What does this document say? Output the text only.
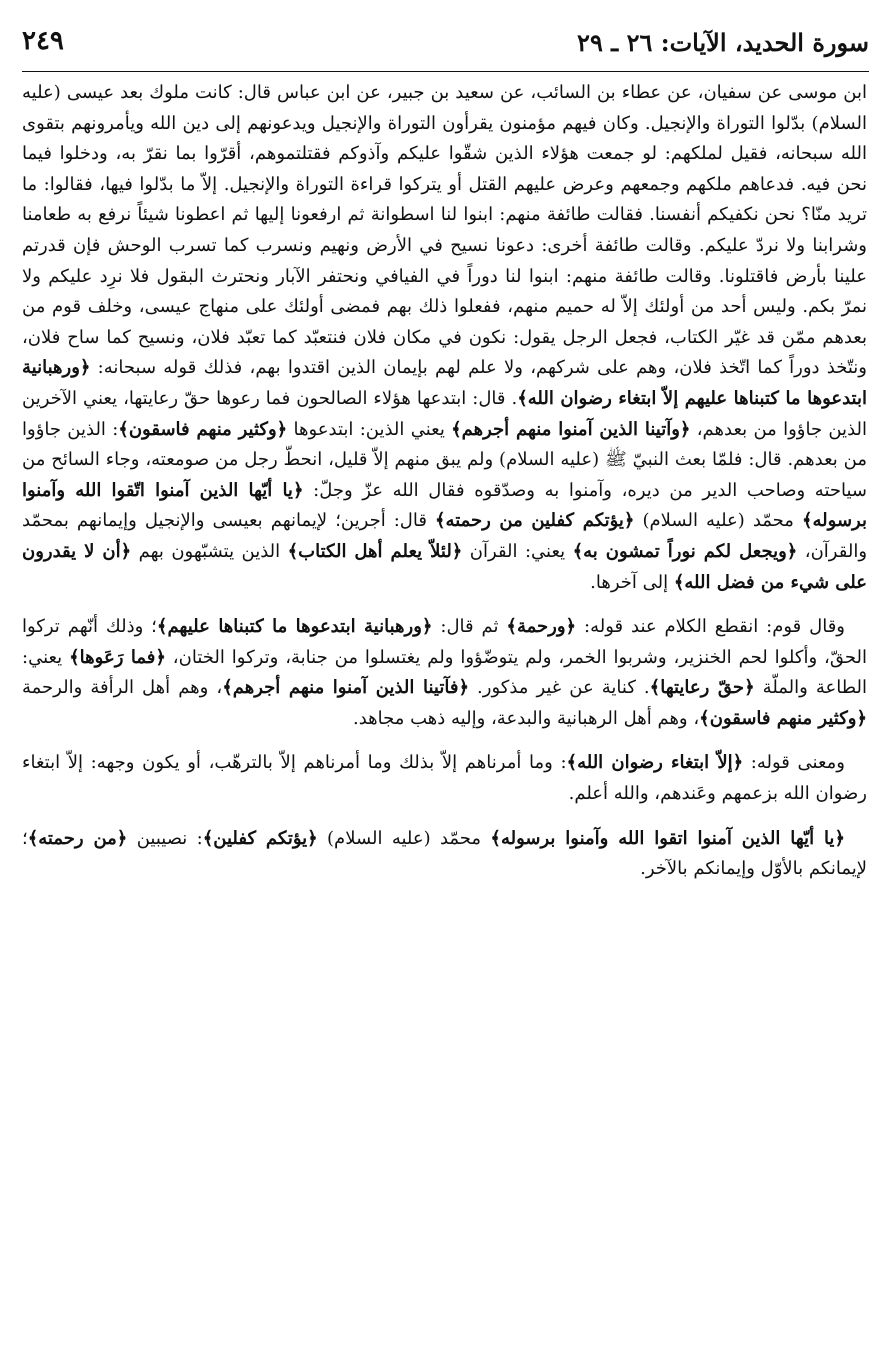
سورة الحديد، الآيات: ٢٦ ـ ٢٩
٢٤٩

ابن موسى عن سفيان، عن عطاء بن السائب، عن سعيد بن جبير، عن ابن عباس قال: كانت ملوك بعد عيسى (عليه السلام) بدّلوا التوراة والإنجيل. وكان فيهم مؤمنون يقرأون التوراة والإنجيل ويدعونهم إلى دين الله ويأمرونهم بتقوى الله سبحانه، فقيل لملكهم: لو جمعت هؤلاء الذين شقّوا عليكم وآذوكم فقتلتموهم، أقرّوا بما نقرّ به، ودخلوا فيما نحن فيه. فدعاهم ملكهم وجمعهم وعرض عليهم القتل أو يتركوا قراءة التوراة والإنجيل. إلاّ ما بدّلوا فيها، فقالوا: ما تريد منّا؟ نحن نكفيكم أنفسنا. فقالت طائفة منهم: ابنوا لنا اسطوانة ثم ارفعونا إليها ثم اعطونا شيئاً نرفع به طعامنا وشرابنا ولا نردّ عليكم. وقالت طائفة أخرى: دعونا نسيح في الأرض ونهيم ونسرب كما تسرب الوحش فإن قدرتم علينا بأرض فاقتلونا. وقالت طائفة منهم: ابنوا لنا دوراً في الفيافي ونحتفر الآبار ونحترث البقول فلا نرِد عليكم ولا نمرّ بكم. وليس أحد من أولئك إلاّ له حميم منهم، ففعلوا ذلك بهم فمضى أولئك على منهاج عيسى، وخلف قوم من بعدهم ممّن قد غيّر الكتاب، فجعل الرجل يقول: نكون في مكان فلان فنتعبّد كما تعبّد فلان، ونسيح كما ساح فلان، ونتّخذ دوراً كما اتّخذ فلان، وهم على شركهم، ولا علم لهم بإيمان الذين اقتدوا بهم، فذلك قوله سبحانه: ﴿ورهبانية ابتدعوها ما كتبناها عليهم إلاّ ابتغاء رضوان الله﴾. قال: ابتدعها هؤلاء الصالحون فما رعوها حقّ رعايتها، يعني الآخرين الذين جاؤوا من بعدهم، ﴿وآتينا الذين آمنوا منهم أجرهم﴾ يعني الذين: ابتدعوها ﴿وكثير منهم فاسقون﴾: الذين جاؤوا من بعدهم. قال: فلمّا بعث النبيّ ﷺ (عليه السلام) ولم يبق منهم إلاّ قليل، انحطّ رجل من صومعته، وجاء السائح من سياحته وصاحب الدير من ديره، وآمنوا به وصدّقوه فقال الله عزّ وجلّ: ﴿يا أيّها الذين آمنوا اتّقوا الله وآمنوا برسوله﴾ محمّد (عليه السلام) ﴿يؤتكم كفلين من رحمته﴾ قال: أجرين؛ لإيمانهم بعيسى والإنجيل وإيمانهم بمحمّد والقرآن، ﴿ويجعل لكم نوراً تمشون به﴾ يعني: القرآن ﴿لئلاّ يعلم أهل الكتاب﴾ الذين يتشبّهون بهم ﴿أن لا يقدرون على شيء من فضل الله﴾ إلى آخرها.

وقال قوم: انقطع الكلام عند قوله: ﴿ورحمة﴾ ثم قال: ﴿ورهبانية ابتدعوها ما كتبناها عليهم﴾؛ وذلك أنّهم تركوا الحقّ، وأكلوا لحم الخنزير، وشربوا الخمر، ولم يتوضّؤوا ولم يغتسلوا من جنابة، وتركوا الختان، ﴿فما رَعَوها﴾ يعني: الطاعة والملّة ﴿حقّ رعايتها﴾. كناية عن غير مذكور. ﴿فآتينا الذين آمنوا منهم أجرهم﴾، وهم أهل الرأفة والرحمة ﴿وكثير منهم فاسقون﴾، وهم أهل الرهبانية والبدعة، وإليه ذهب مجاهد.

ومعنى قوله: ﴿إلاّ ابتغاء رضوان الله﴾: وما أمرناهم إلاّ بذلك وما أمرناهم إلاّ بالترهّب، أو يكون وجهه: إلاّ ابتغاء رضوان الله بزعمهم وعَندهم، والله أعلم.

﴿يا أيّها الذين آمنوا اتقوا الله وآمنوا برسوله﴾ محمّد (عليه السلام) ﴿يؤتكم كفلين﴾: نصيبين ﴿من رحمته﴾؛ لإيمانكم بالأوّل وإيمانكم بالآخر.
